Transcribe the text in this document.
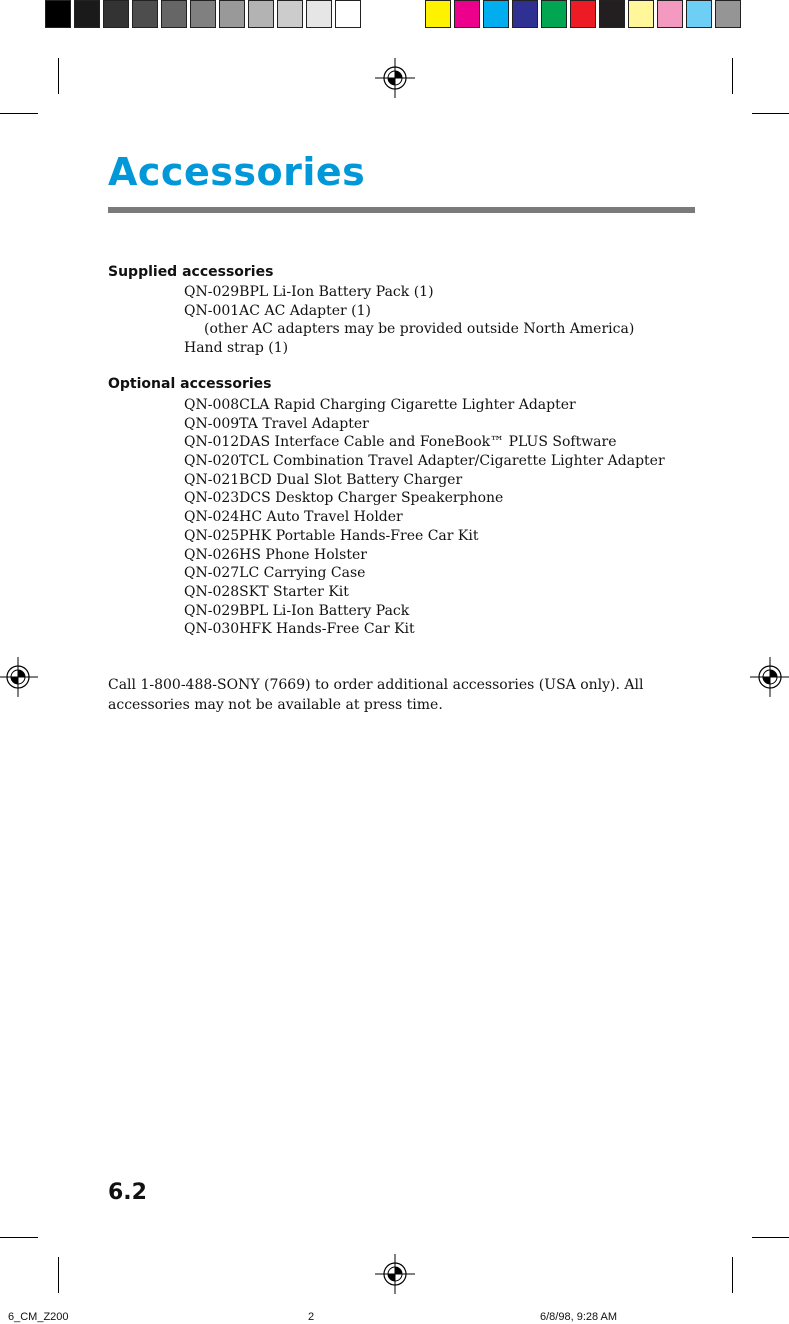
Accessories
Supplied accessories
QN-029BPL Li-Ion Battery Pack (1)
QN-001AC AC Adapter (1)
(other AC adapters may be provided outside North America)
Hand strap (1)
Optional accessories
QN-008CLA Rapid Charging Cigarette Lighter Adapter
QN-009TA Travel Adapter
QN-012DAS Interface Cable and FoneBook™ PLUS Software
QN-020TCL Combination Travel Adapter/Cigarette Lighter Adapter
QN-021BCD Dual Slot Battery Charger
QN-023DCS Desktop Charger Speakerphone
QN-024HC Auto Travel Holder
QN-025PHK Portable Hands-Free Car Kit
QN-026HS Phone Holster
QN-027LC Carrying Case
QN-028SKT Starter Kit
QN-029BPL Li-Ion Battery Pack
QN-030HFK Hands-Free Car Kit
Call 1-800-488-SONY (7669) to order additional accessories (USA only). All accessories may not be available at press time.
6.2
6_CM_Z200	2	6/8/98, 9:28 AM
